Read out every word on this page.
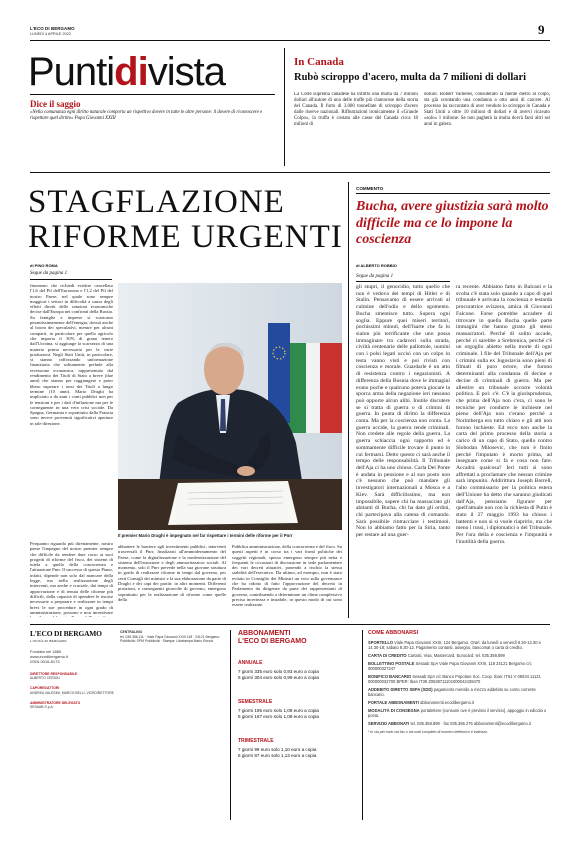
L'ECO DI BERGAMO
LUNEDÌ 4 APRILE 2022	9
Puntidivista
Dice il saggio
«Nella comunanza egni diritto naturale comporta un rispettivo dovere in tutte le altre persone: il dovere di riconoscere e rispettare quel diritto» Papa Giovanni XXIII
In Canada
Rubò sciroppo d'acero, multa da 7 milioni di dollari
La Corte suprema canadese ha inflitto una multa da 7 milioni dollari all'autore di una delle truffe più clamorose della storia del Canada. Il furto di 3.000 tonnellate di sciroppo d'acero dalle riserve nazionali. Rifbutrazioni ironicamente il «Grande Colpo», la truffa è costata alle casse del Canada circa 18 milioni di
dollari. Robert Vallières, considerato la mente dietro al colpo, sta già scontando una condanna a otto anni di carcere. Al processo ha raccontato di aver venduto lo sciroppo in Canada e Stati Uniti a oltre 10 milioni di dollari e di avervi ricavato «solo» 1 milione. Se non pagherà la multa dovrà farsi altri sei anni in galera.
STAGFLAZIONE
RIFORME URGENTI
di PINO ROMA
Segue da pagina 1
finomeno che richiedi evidere cancellato l'1,6 del Pil dell'Eurozona e l'1,2 del Pil del nostro Paese, nel quale sono sempre maggiori i settori in difficoltà a causa degli effetti diretti delle sanzioni economiche decise dall'Europa nei confronti della Russia. Su famiglie e imprese si scaricano pesantissimamente dell'energia, dovuti anche al boom dei speculativi, mentre per alcuni comparti, in particolare per quello agricolo che importa il 30% di grano tenero dall'Ucraina, si aggiunge la scarsezza di una materia prima necessaria per le varie produzioni. Negli Stati Uniti, in particolare, si stanno rafforzando unformazione finanziaria che solitamente prelude alla recessione economica, rappresentato dal rendimento dei Titoli di Stato a breve (due anni) che stanno per raggiungere e poter bbero superare i tassi dei Titoli a lungo termine (10 anni). Mario Draghi ha impliciato a da anni i conti pubblici non per le tensioni e per i dati d'inflazione ma per le conseguenze in una vera crisi sociale. Da Spagna, Germania e soprattutto dalla Francia sono invece provenuti significativi aperture in tale direzione.
Perquanto riguarda più direttamente, nostro paese l'impegno del nostro premier sempre che difficile da rendere dare corso ai suoi progetti di riforme del fisco, dei sistemi di tutela a quello della concorrenza e l'attuazione Pnrr. Il successo di questo Piano, infatti, dipende non solo dal mancare della legge, ma nella realizzazione degli interventi, ma anche e cruciale, dai tempi di approvazione e di tenuta delle riforme più difficili, dalla capacità di spendere le risorse necessarie a preparare e realizzare in tempi brevi le sue procedure in ogni grado di amministrazione, possono e non incentivare
Il premier Mario Draghi è impegnato nel far rispettare i termini delle riforme per il Pnrr
abbattere le barriere agli investimenti pubblici; interventi trasversali il Pnrr, finalizzati all'ammodernamento del Paese, come la digitalizzazione e la modernizzazione del sistema dell'istruzione e degli ammortizzatori sociali. Al momento, solo il Pnrr prevede nella sua giovane struttura in grado di realizzare riforme in tempi dal governo, per certi Consigli dei ministri e la sua elaborazione da parte di Draghi e dei capi dei partiti: in altri momenti. Differenti posizioni, e conseguenti giravolte di governo, emergono soprattutto per la realizzazione di riforme come quelle della
Pubblica amministrazione, della concorrenza e del fisco. Su questi aspetti è in corso tra i vari fronti politiche dei soggetti regionali, spesso emergono sempre più netta e frequenti le occasioni di discussione in sede parlamentare dei vari decreti attuativi, ponendo a rischio la stessa stabilità dell'esecutivo. Da ultimo, ad esempio, non è stato evitato in Consiglio dei Ministri un voto sulla governance che ha ridotto di fatto l'approvazione del decreto in Parlamento da dirigenze da parte dei rappresentanti di governo, contribuendo a determinare un clima complessivo precisa incertezza e instabile, in questo modo di cui sono essere realizzate.
COMMENTO
Bucha, avere giustizia sarà molto difficile ma ce lo impone la coscienza
di ALBERTO ROBBIO
Segue da pagina 1
gli stupri, il genocidio, tutto quello che non è vedova dei tempi di Hitler e di Stalin. Pensavamo di essere arrivati al culmine dell'odio e dello sgomento. Bucha smentisce tutto. Supera ogni soglia. Eppure quei miseri territori, pochissimi minuti, dell'Isarte che fa lo sialon più terrificante che uno possa immaginare tra cadaveri sulla strada, civiltà centenarie delle pallottole, uomini con i polsi legati uccisi con un colpo in testa vanno visti e poi rivisti con coscienza e morale. Guardarle è un atto di resistenza contro i negazionisti. A differenza della Bosnia dove le immagini erano poche e qualcuno poteva giocare la sporca arma della negazione ieri nessuno può opporre alcun alibi. Inutile discutere se si tratta di guerra o di crimini di guerra. In punta di diritto la differenza conta. Ma per la coscienza non conta. La guerra uccide, la guerra rende criminali. Non credete alle regole della guerra. La guerra schiaccia ogni rapporto ed è sommamente difficile trovare il punto in cui fermarsi. Detto questo ci sarà anche il tempo delle responsabilità. Il Tribunale dell'Aja ci ha uno chiuso. Carla Del Ponte è andata in pensione e al suo posto non c'è nessuno che può mandare gli investigatori internazionali a Mosca e a Kiev. Sarà difficilissimo, ma non impossibile, sapere chi ha massacrato gli abitanti di Bucha, chi ha dato gli ordini, chi partecipava alla catena di comando. Sarà possibile rintracciare i testimoni. Non lo abbiamo fatto per la Siria, tanto per restare ad una guer-
ra recente. Abbiamo fatto in Balcani e la svolta c'è stata solo quando a capo di quel tribunale è arrivata la coscienza e testarda procuratrice svizzera, amica di Giovanni Falcone. Forse potrebbe accadere di ritrovare in quella Bucha quelle parte immagini che hanno girato gli stessi massacratori. Perché di solito accade, perché ci sarebbe a Srebrenica, perché c'è un orgoglio abietto nella morte di ogni criminale. I file del Tribunale dell'Aja per i crimini sulla ex Jugoslavia sono pieni di filmati di puro orrore, che furono determinanti alla condanna di decine e decine di criminali di guerra. Ma per allestire un tribunale occorre volontà politica. E poi: c'è. C'è la giurisprudenza, che prima dell'Aja non c'era, ci sono le tecniche per condurre le inchieste nel pieno dell'Aja non c'erano perché a Norimberga era tutto chiaro e gli atti non furono inchieste. Ed ecco non anche la carta del primo processo della storia a carico di un capo di Stato, quello contro Slobodan Milosevic, che non è finito perché l'imputato è morto prima, ad insegnare come si fa e cosa non fare. Accadrà qualcosa? Ieri tutti si sono affrettati a proclamare che nessun crimine sarà impunito. Addirittura Joseph Borrell, l'alto commissario per la politica estera dell'Unione ha detto che saranno giudicati dall'Aja, pensiamo figurare per quell'attuale non con la richiesta di Putin è stato il 27 maggio 1993 ha chiuso i battenti e non si si vuole riaprirlo, ma che meno i russi, i diplomatici o del Tribunale. Per l'ora della e coscienza e l'impunità e l'inutilità della guerra.
L'ECO DI BERGAMO
L'UNICA DI BERGAMO
Fondata nel 1880
www.ecodibergamo.it
ISSN 0016-8173
DIRETTORE RESPONSABILE
ALBERTO CERIOLI
CAPOREDATTORI
ANDREA VALESINI, MARCO BELLI, VICEDIRETTORE
AMMINISTRATORE DELEGATO
SESAAB S.p.A.
CENTRALINO
tel. 035.386.111 · Viale Papa Giovanni XXIII 118 · 24121 Bergamo · Pubblicità: SPM Pubblicità · Stampa: Litostampa Mario Ronca
ABBONAMENTI
L'ECO DI BERGAMO
ANNUALE
7 giorni 335 euro solo 0,93 euro a copia
6 giorni 304 euro solo 0,99 euro a copia
SEMESTRALE
7 giorni 195 euro solo 1,08 euro a copia
6 giorni 167 euro solo 1,08 euro a copia
TRIMESTRALE
7 giorni 99 euro solo 1,10 euro a copia
6 giorni 87 euro solo 1,13 euro a copia
COME ABBONARSI
SPORTELLO Viale Papa Giovanni XXIII, 124 Bergamo. Orari: da lunedì a venerdì 8.30-12.30 e 14.30-18; sabato 8.30-12. Pagamento contanti, assegno, bancomat o carta di credito.
CARTA DI CREDITO CartaSi, Visa, Mastercard, Eurocard: tel. 035.358.899
BOLLETTINO POSTALE Sesaab SpA Viale Papa Giovanni XXIII, 118 24121 Bergamo c/c 000000327247
BONIFICO BANCARIO Sesaab SpA c/c Banco Popolare Soc. Coop. Iban: IT61 V 05034 11121 000000032700 BPER: Iban IT39 Z0538711101000042439470
ADDEBITO DIRETTO SEPA (SDD) pagamento mensile a mezzo addebito su conto corrente bancario.
PORTALE ABBONAMENTI abbonamenti.ecodibergamo.it
MODALITÀ DI CONSEGNA portalettere (consumi ove è previsto il servizio), appoggio in edicola o posta.
SERVIZIO ABBONATI tel. 035.358.899 · fax 035.386.275 abbonamenti@ecodibergamo.it
* in via per invio via fax o via mail completo di numero telefonico e indirizzo.
